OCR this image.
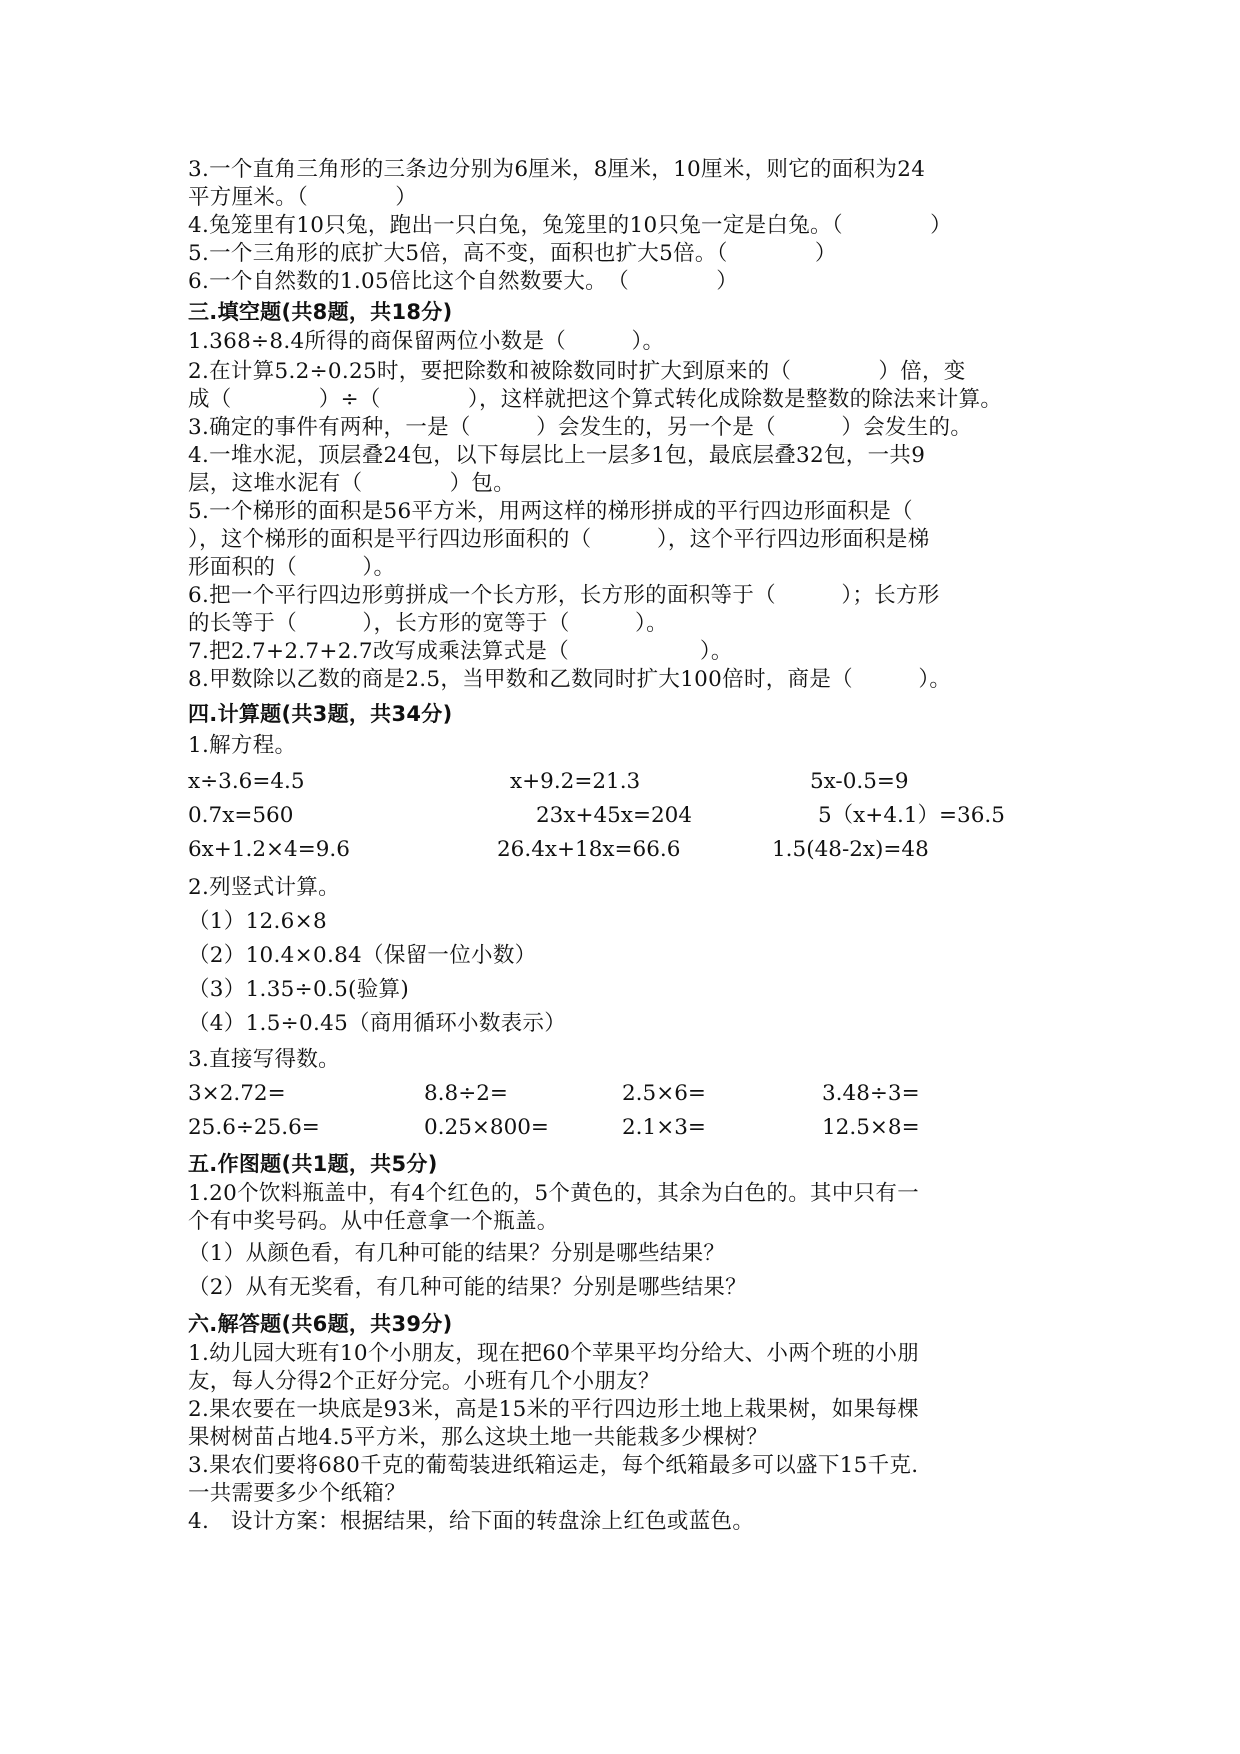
3.一个直角三角形的三条边分别为6厘米，8厘米，10厘米，则它的面积为24
平方厘米。（　　　　）
4.兔笼里有10只兔，跑出一只白兔，兔笼里的10只兔一定是白兔。（　　　　）
5.一个三角形的底扩大5倍，高不变，面积也扩大5倍。（　　　　）
6.一个自然数的1.05倍比这个自然数要大。　（　　　　）
三.填空题(共8题，共18分)
1.368÷8.4所得的商保留两位小数是（　　　）。
2.在计算5.2÷0.25时，要把除数和被除数同时扩大到原来的（　　　　）倍，变
成（　　　　）÷（　　　　），这样就把这个算式转化成除数是整数的除法来计算。
3.确定的事件有两种，一是（　　　）会发生的，另一个是（　　　）会发生的。
4.一堆水泥，顶层叠24包，以下每层比上一层多1包，最底层叠32包，一共9
层，这堆水泥有（　　　　）包。
5.一个梯形的面积是56平方米，用两这样的梯形拼成的平行四边形面积是（
），这个梯形的面积是平行四边形面积的（　　　），这个平行四边形面积是梯
形面积的（　　　）。
6.把一个平行四边形剪拼成一个长方形，长方形的面积等于（　　　）；长方形
的长等于（　　　），长方形的宽等于（　　　）。
7.把2.7+2.7+2.7改写成乘法算式是（　　　　　　）。
8.甲数除以乙数的商是2.5，当甲数和乙数同时扩大100倍时，商是（　　　）。
四.计算题(共3题，共34分)
1.解方程。
x÷3.6=4.5	x+9.2=21.3	5x-0.5=9
0.7x=560	23x+45x=204	5（x+4.1）=36.5
6x+1.2×4=9.6	26.4x+18x=66.6	1.5(48-2x)=48
2.列竖式计算。
（1）12.6×8
（2）10.4×0.84（保留一位小数）
（3）1.35÷0.5(验算)
（4）1.5÷0.45（商用循环小数表示）
3.直接写得数。
3×2.72=	8.8÷2=	2.5×6=	3.48÷3=
25.6÷25.6=	0.25×800=	2.1×3=	12.5×8=
五.作图题(共1题，共5分)
1.20个饮料瓶盖中，有4个红色的，5个黄色的，其余为白色的。其中只有一
个有中奖号码。从中任意拿一个瓶盖。
（1）从颜色看，有几种可能的结果？分别是哪些结果？
（2）从有无奖看，有几种可能的结果？分别是哪些结果？
六.解答题(共6题，共39分)
1.幼儿园大班有10个小朋友，现在把60个苹果平均分给大、小两个班的小朋
友，每人分得2个正好分完。小班有几个小朋友？
2.果农要在一块底是93米，高是15米的平行四边形土地上栽果树，如果每棵
果树树苗占地4.5平方米，那么这块土地一共能栽多少棵树？
3.果农们要将680千克的葡萄装进纸箱运走，每个纸箱最多可以盛下15千克.
一共需要多少个纸箱？
4.　设计方案：根据结果，给下面的转盘涂上红色或蓝色。
